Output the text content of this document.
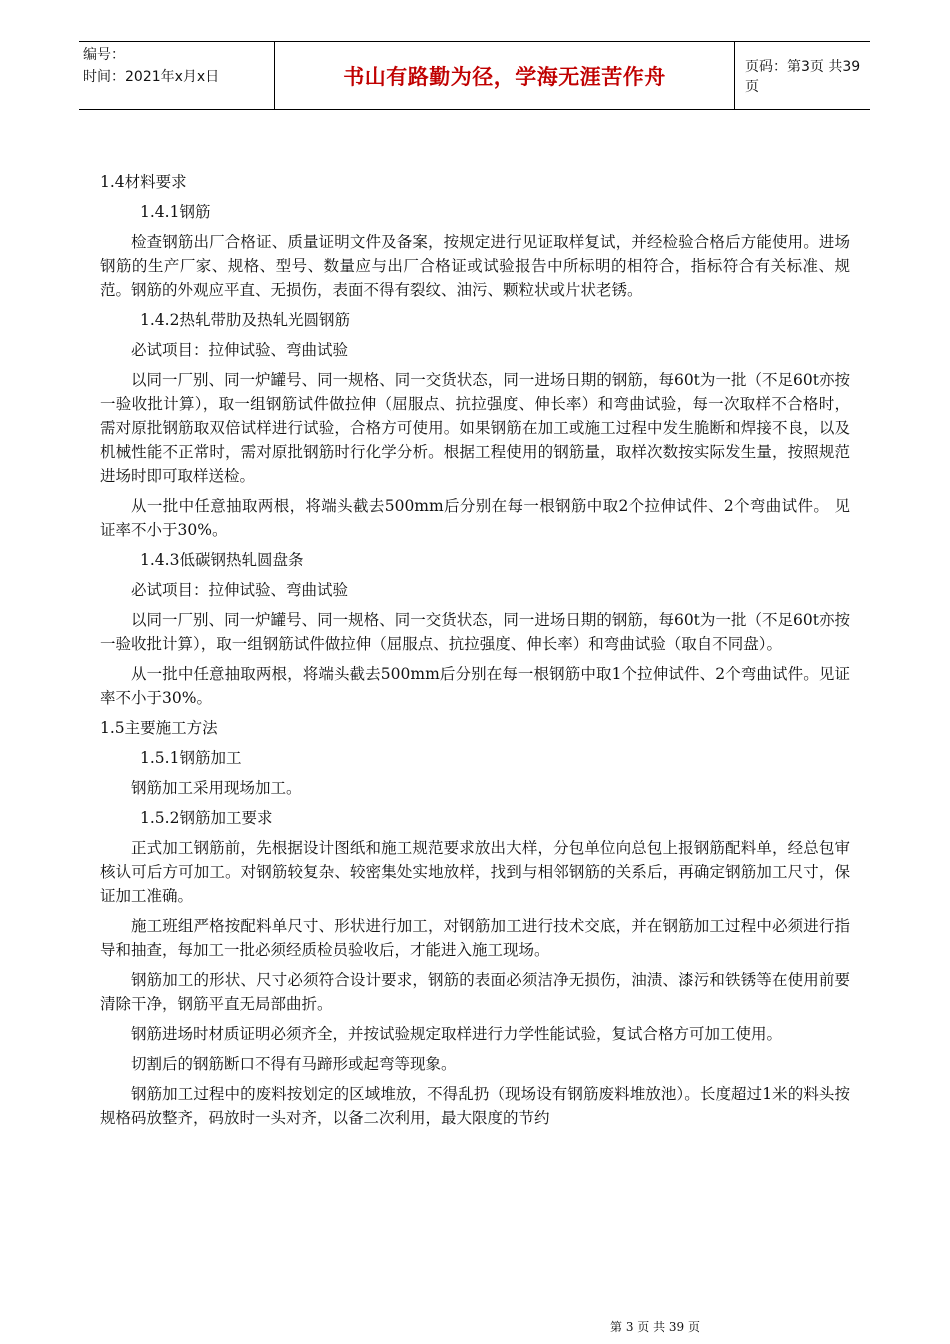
编号：
时间：2021年x月x日	书山有路勤为径，学海无涯苦作舟	页码：第3页 共39页
1.4材料要求
1.4.1钢筋

检查钢筋出厂合格证、质量证明文件及备案，按规定进行见证取样复试，并经检验合格后方能使用。进场钢筋的生产厂家、规格、型号、数量应与出厂合格证或试验报告中所标明的相符合，指标符合有关标准、规范。钢筋的外观应平直、无损伤，表面不得有裂纹、油污、颗粒状或片状老锈。

1.4.2热轧带肋及热轧光圆钢筋

必试项目：拉伸试验、弯曲试验

以同一厂别、同一炉罐号、同一规格、同一交货状态，同一进场日期的钢筋，每60t为一批（不足60t亦按一验收批计算），取一组钢筋试件做拉伸（屈服点、抗拉强度、伸长率）和弯曲试验，每一次取样不合格时，需对原批钢筋取双倍试样进行试验，合格方可使用。如果钢筋在加工或施工过程中发生脆断和焊接不良，以及机械性能不正常时，需对原批钢筋时行化学分析。根据工程使用的钢筋量，取样次数按实际发生量，按照规范进场时即可取样送检。

从一批中任意抽取两根，将端头截去500mm后分别在每一根钢筋中取2个拉伸试件、2个弯曲试件。 见证率不小于30%。

1.4.3低碳钢热轧圆盘条

必试项目：拉伸试验、弯曲试验

以同一厂别、同一炉罐号、同一规格、同一交货状态，同一进场日期的钢筋，每60t为一批（不足60t亦按一验收批计算），取一组钢筋试件做拉伸（屈服点、抗拉强度、伸长率）和弯曲试验（取自不同盘）。

从一批中任意抽取两根，将端头截去500mm后分别在每一根钢筋中取1个拉伸试件、2个弯曲试件。见证率不小于30%。

1.5主要施工方法
1.5.1钢筋加工

钢筋加工采用现场加工。

1.5.2钢筋加工要求

正式加工钢筋前，先根据设计图纸和施工规范要求放出大样，分包单位向总包上报钢筋配料单，经总包审核认可后方可加工。对钢筋较复杂、较密集处实地放样，找到与相邻钢筋的关系后，再确定钢筋加工尺寸，保证加工准确。

施工班组严格按配料单尺寸、形状进行加工，对钢筋加工进行技术交底，并在钢筋加工过程中必须进行指导和抽查，每加工一批必须经质检员验收后，才能进入施工现场。

钢筋加工的形状、尺寸必须符合设计要求，钢筋的表面必须洁净无损伤，油渍、漆污和铁锈等在使用前要清除干净，钢筋平直无局部曲折。

钢筋进场时材质证明必须齐全，并按试验规定取样进行力学性能试验，复试合格方可加工使用。

切割后的钢筋断口不得有马蹄形或起弯等现象。

钢筋加工过程中的废料按划定的区域堆放，不得乱扔（现场设有钢筋废料堆放池）。长度超过1米的料头按规格码放整齐，码放时一头对齐，以备二次利用，最大限度的节约

第 3 页 共 39 页
